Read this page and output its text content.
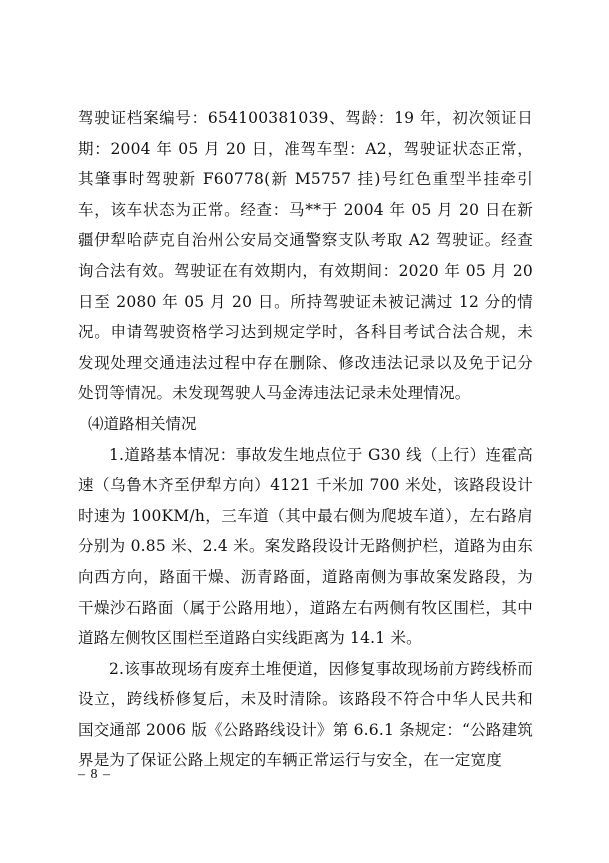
驾驶证档案编号：654100381039、驾龄：19 年，初次领证日期：2004 年 05 月 20 日，准驾车型：A2，驾驶证状态正常，其肇事时驾驶新 F60778(新 M5757 挂)号红色重型半挂牵引车，该车状态为正常。经查：马**于 2004 年 05 月 20 日在新疆伊犁哈萨克自治州公安局交通警察支队考取 A2 驾驶证。经查询合法有效。驾驶证在有效期内，有效期间：2020 年 05 月 20 日至 2080 年 05 月 20 日。所持驾驶证未被记满过 12 分的情况。申请驾驶资格学习达到规定学时，各科目考试合法合规，未发现处理交通违法过程中存在删除、修改违法记录以及免于记分处罚等情况。未发现驾驶人马金涛违法记录未处理情况。

⑷道路相关情况

1.道路基本情况：事故发生地点位于 G30 线（上行）连霍高速（乌鲁木齐至伊犁方向）4121 千米加 700 米处，该路段设计时速为 100KM/h，三车道（其中最右侧为爬坡车道），左右路肩分别为 0.85 米、2.4 米。案发路段设计无路侧护栏，道路为由东向西方向，路面干燥、沥青路面，道路南侧为事故案发路段，为干燥沙石路面（属于公路用地），道路左右两侧有牧区围栏，其中道路左侧牧区围栏至道路白实线距离为 14.1 米。

2.该事故现场有废弃土堆便道，因修复事故现场前方跨线桥而设立，跨线桥修复后，未及时清除。该路段不符合中华人民共和国交通部 2006 版《公路路线设计》第 6.6.1 条规定：“公路建筑界是为了保证公路上规定的车辆正常运行与安全，在一定宽度

– 8 –
